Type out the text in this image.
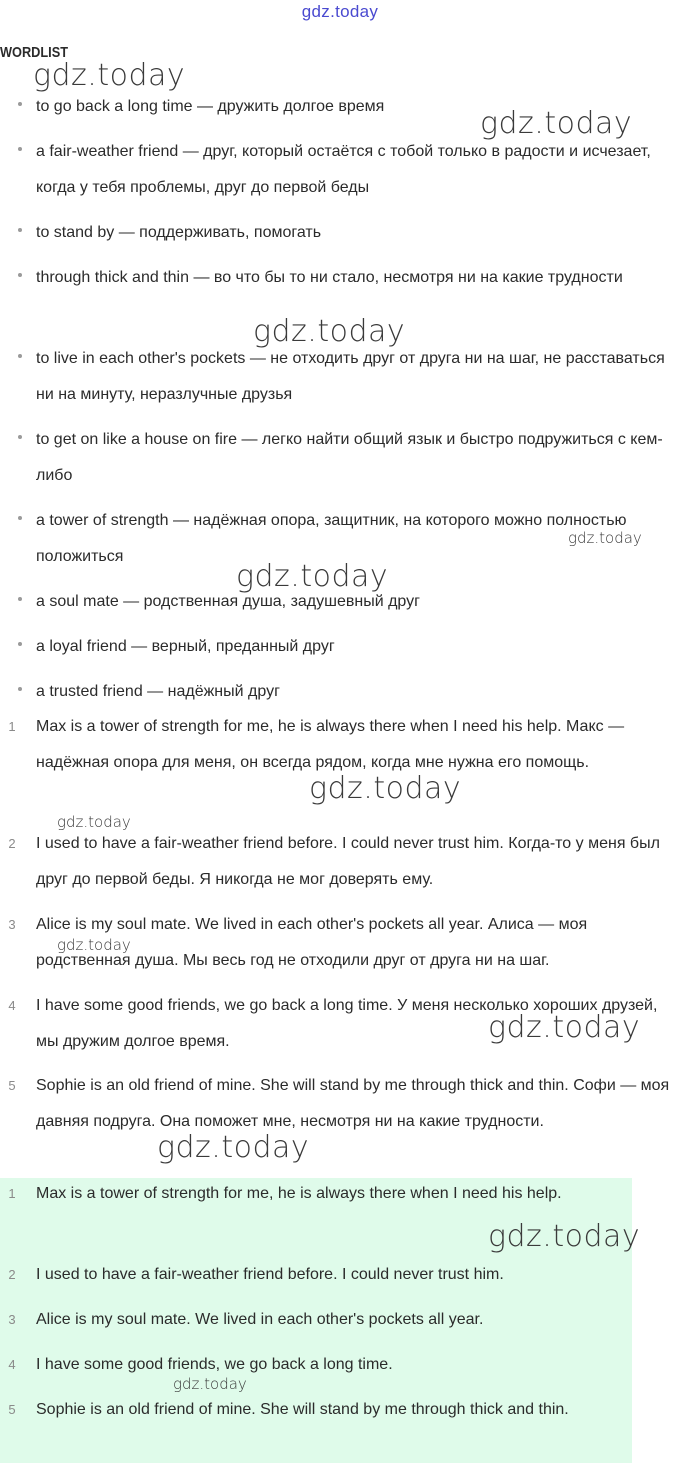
gdz.today
WORDLIST
to go back a long time — дружить долгое время
a fair-weather friend — друг, который остаётся с тобой только в радости и исчезает, когда у тебя проблемы, друг до первой беды
to stand by — поддерживать, помогать
through thick and thin — во что бы то ни стало, несмотря ни на какие трудности
to live in each other's pockets — не отходить друг от друга ни на шаг, не расставаться ни на минуту, неразлучные друзья
to get on like a house on fire — легко найти общий язык и быстро подружиться с кем-либо
a tower of strength — надёжная опора, защитник, на которого можно полностью положиться
a soul mate — родственная душа, задушевный друг
a loyal friend — верный, преданный друг
a trusted friend — надёжный друг
1	Max is a tower of strength for me, he is always there when I need his help. Макс — надёжная опора для меня, он всегда рядом, когда мне нужна его помощь.
2	I used to have a fair-weather friend before. I could never trust him. Когда-то у меня был друг до первой беды. Я никогда не мог доверять ему.
3	Alice is my soul mate. We lived in each other's pockets all year. Алиса — моя родственная душа. Мы весь год не отходили друг от друга ни на шаг.
4	I have some good friends, we go back a long time. У меня несколько хороших друзей, мы дружим долгое время.
5	Sophie is an old friend of mine. She will stand by me through thick and thin. Софи — моя давняя подруга. Она поможет мне, несмотря ни на какие трудности.
1	Max is a tower of strength for me, he is always there when I need his help.
2	I used to have a fair-weather friend before. I could never trust him.
3	Alice is my soul mate. We lived in each other's pockets all year.
4	I have some good friends, we go back a long time.
5	Sophie is an old friend of mine. She will stand by me through thick and thin.
gdz.today
gdz.today
gdz.today
gdz.today
gdz.today
gdz.today
gdz.today
gdz.today
gdz.today
gdz.today
gdz.today
gdz.today
